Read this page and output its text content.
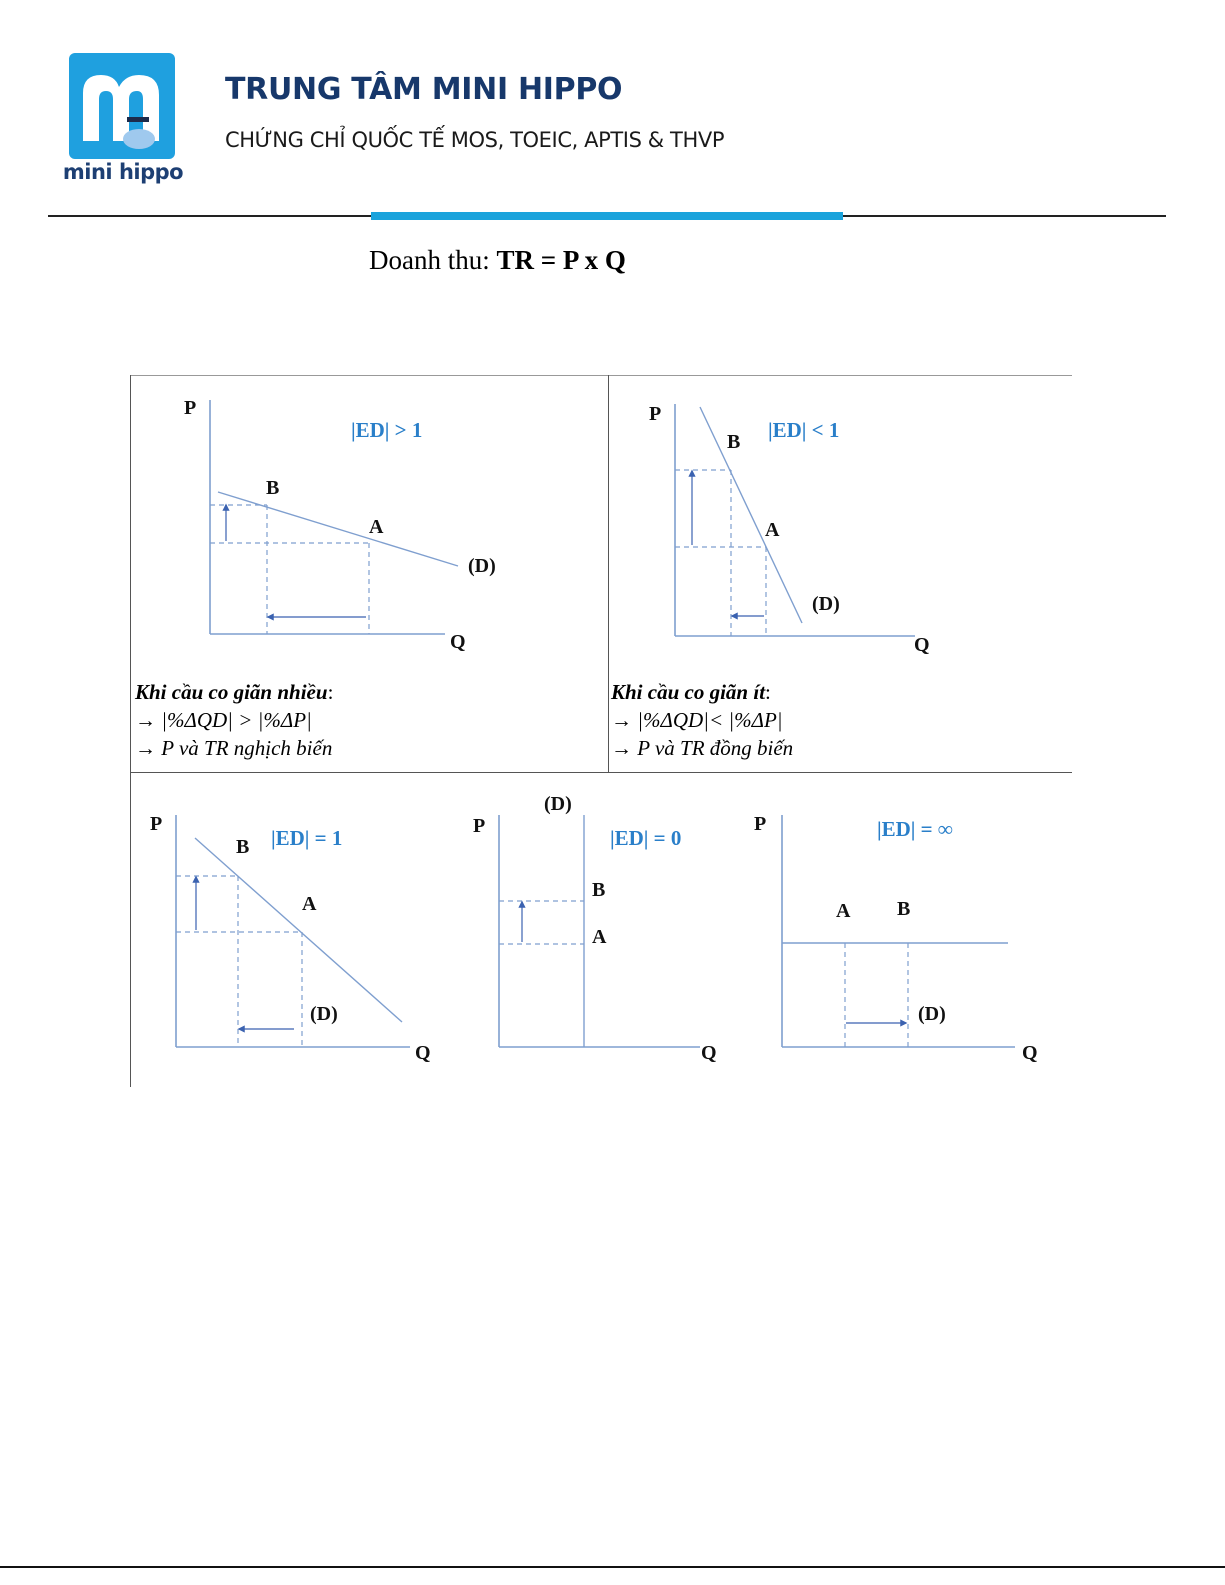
mini hippo
TRUNG TÂM MINI HIPPO
CHỨNG CHỈ QUỐC TẾ MOS, TOEIC, APTIS & THVP
Doanh thu: TR = P x Q
P
B
A
(D)
Q
P
B
A
(D)
Q
P
B
A
(D)
Q
P
(D)
B
A
Q
P
A B
(D)
Q
|ED| > 1	|ED| < 1
|ED| = 1	|ED| = 0	|ED| = ∞
Khi cầu co giãn nhiều:
→ |%ΔQD| > |%ΔP|
→ P và TR nghịch biến
Khi cầu co giãn ít:
→ |%ΔQD|< |%ΔP|
→ P và TR đồng biến
